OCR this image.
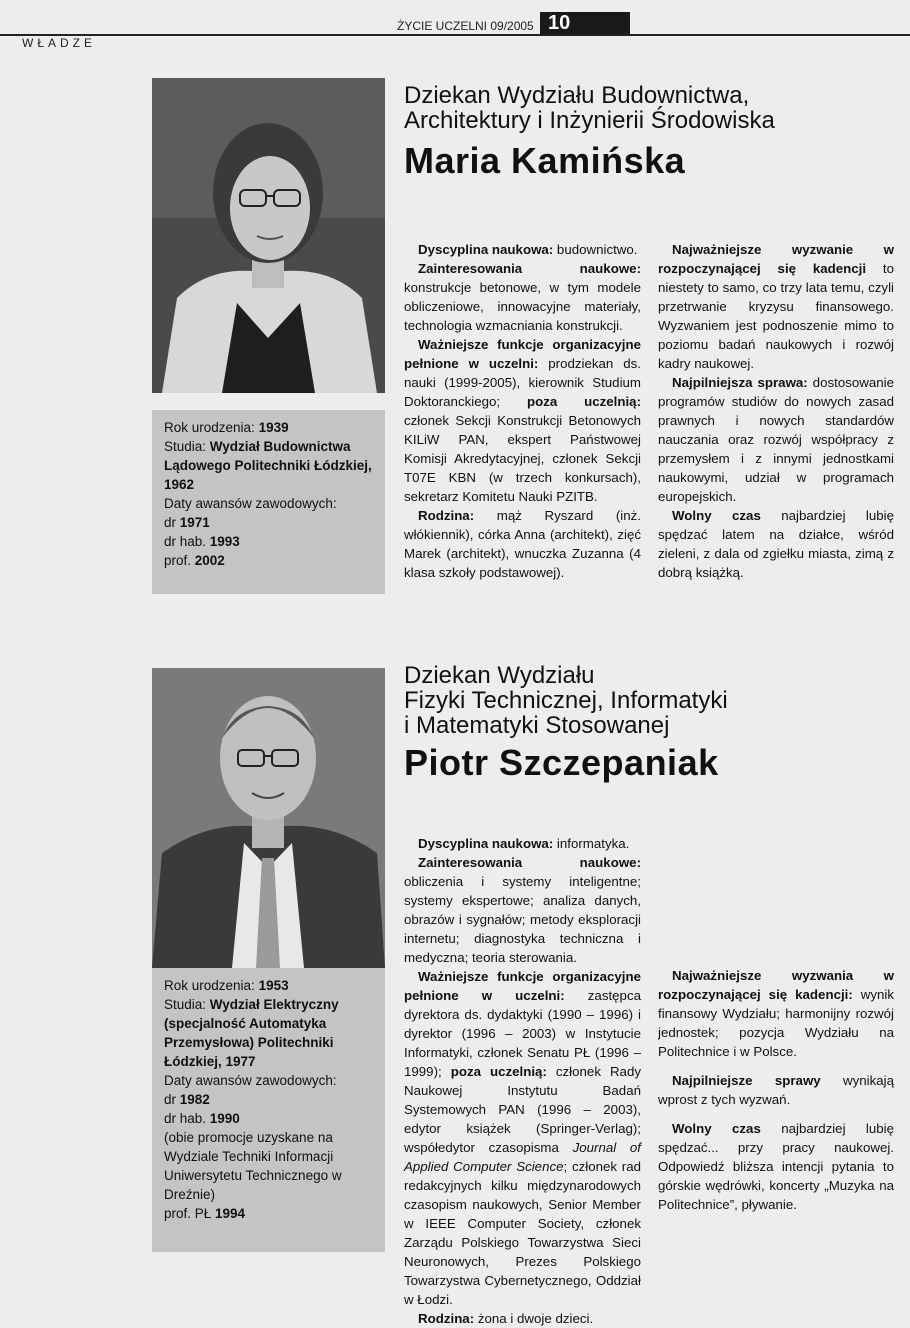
WŁADZE
ŻYCIE UCZELNI 09/2005 10
Rok urodzenia: 1939
Studia: Wydział Budownictwa Lądowego Politechniki Łódzkiej, 1962
Daty awansów zawodowych:
dr 1971
dr hab. 1993
prof. 2002
Dziekan Wydziału Budownictwa,
Architektury i Inżynierii Środowiska
Maria Kamińska

Dyscyplina naukowa: budownictwo.

Zainteresowania naukowe: konstrukcje betonowe, w tym modele obliczeniowe, innowacyjne materiały, technologia wzmacniania konstrukcji.

Ważniejsze funkcje organizacyjne pełnione w uczelni: prodziekan ds. nauki (1999-2005), kierownik Studium Doktoranckiego; poza uczelnią: członek Sekcji Konstrukcji Betonowych KILiW PAN, ekspert Państwowej Komisji Akredytacyjnej, członek Sekcji T07E KBN (w trzech konkursach), sekretarz Komitetu Nauki PZITB.

Rodzina: mąż Ryszard (inż. włókiennik), córka Anna (architekt), zięć Marek (architekt), wnuczka Zuzanna (4 klasa szkoły podstawowej).

Najważniejsze wyzwanie w rozpoczynającej się kadencji to niestety to samo, co trzy lata temu, czyli przetrwanie kryzysu finansowego. Wyzwaniem jest podnoszenie mimo to poziomu badań naukowych i rozwój kadry naukowej.

Najpilniejsza sprawa: dostosowanie programów studiów do nowych zasad prawnych i nowych standardów nauczania oraz rozwój współpracy z przemysłem i z innymi jednostkami naukowymi, udział w programach europejskich.

Wolny czas najbardziej lubię spędzać latem na działce, wśród zieleni, z dala od zgiełku miasta, zimą z dobrą książką.

Rok urodzenia: 1953
Studia: Wydział Elektryczny (specjalność Automatyka Przemysłowa) Politechniki Łódzkiej, 1977
Daty awansów zawodowych:
dr 1982
dr hab. 1990
(obie promocje uzyskane na Wydziale Techniki Informacji Uniwersytetu Technicznego w Dreźnie)
prof. PŁ 1994
Dziekan Wydziału
Fizyki Technicznej, Informatyki
i Matematyki Stosowanej
Piotr Szczepaniak

Dyscyplina naukowa: informatyka.

Zainteresowania naukowe: obliczenia i systemy inteligentne; systemy ekspertowe; analiza danych, obrazów i sygnałów; metody eksploracji internetu; diagnostyka techniczna i medyczna; teoria sterowania.

Ważniejsze funkcje organizacyjne pełnione w uczelni: zastępca dyrektora ds. dydaktyki (1990 – 1996) i dyrektor (1996 – 2003) w Instytucie Informatyki, członek Senatu PŁ (1996 – 1999); poza uczelnią: członek Rady Naukowej Instytutu Badań Systemowych PAN (1996 – 2003), edytor książek (Springer-Verlag); współedytor czasopisma Journal of Applied Computer Science; członek rad redakcyjnych kilku międzynarodowych czasopism naukowych, Senior Member w IEEE Computer Society, członek Zarządu Polskiego Towarzystwa Sieci Neuronowych, Prezes Polskiego Towarzystwa Cybernetycznego, Oddział w Łodzi.

Rodzina: żona i dwoje dzieci.

Najważniejsze wyzwania w rozpoczynającej się kadencji: wynik finansowy Wydziału; harmonijny rozwój jednostek; pozycja Wydziału na Politechnice i w Polsce.

Najpilniejsze sprawy wynikają wprost z tych wyzwań.

Wolny czas najbardziej lubię spędzać... przy pracy naukowej. Odpowiedź bliższa intencji pytania to górskie wędrówki, koncerty „Muzyka na Politechnice”, pływanie.
